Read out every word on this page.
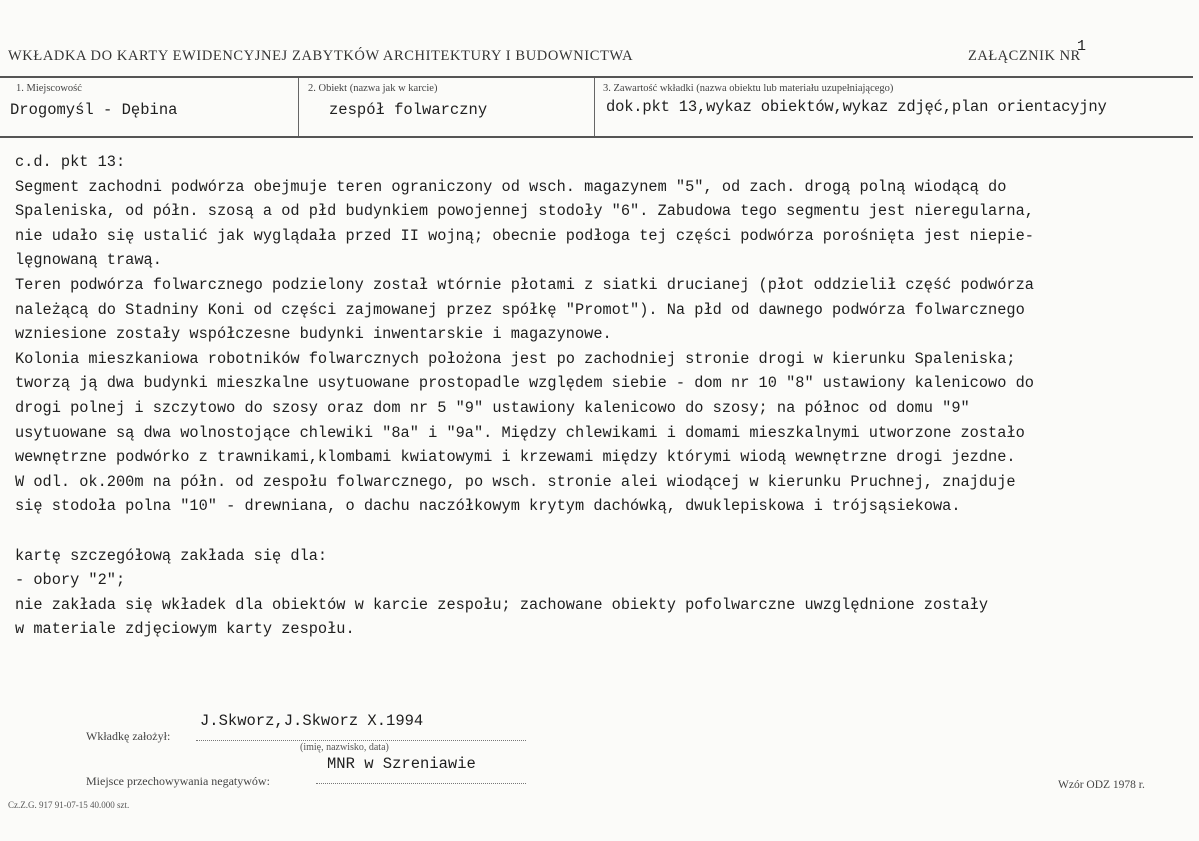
WKŁADKA DO KARTY EWIDENCYJNEJ ZABYTKÓW ARCHITEKTURY I BUDOWNICTWA	ZAŁĄCZNIK NR
1
1. Miejscowość
Drogomyśl - Dębina
2. Obiekt (nazwa jak w karcie)
zespół folwarczny
3. Zawartość wkładki (nazwa obiektu lub materiału uzupełniającego)
dok.pkt 13,wykaz obiektów,wykaz zdjęć,plan orientacyjny
c.d. pkt 13:
Segment zachodni podwórza obejmuje teren ograniczony od wsch. magazynem "5", od zach. drogą polną wiodącą do
Spaleniska, od półn. szosą a od płd budynkiem powojennej stodoły "6". Zabudowa tego segmentu jest nieregularna,
nie udało się ustalić jak wyglądała przed II wojną; obecnie podłoga tej części podwórza porośnięta jest niepie-
lęgnowaną trawą.
Teren podwórza folwarcznego podzielony został wtórnie płotami z siatki drucianej (płot oddzielił część podwórza
należącą do Stadniny Koni od części zajmowanej przez spółkę "Promot"). Na płd od dawnego podwórza folwarcznego
wzniesione zostały współczesne budynki inwentarskie i magazynowe.
Kolonia mieszkaniowa robotników folwarcznych położona jest po zachodniej stronie drogi w kierunku Spaleniska;
tworzą ją dwa budynki mieszkalne usytuowane prostopadle względem siebie - dom nr 10 "8" ustawiony kalenicowo do
drogi polnej i szczytowo do szosy oraz dom nr 5 "9" ustawiony kalenicowo do szosy; na północ od domu "9"
usytuowane są dwa wolnostojące chlewiki "8a" i "9a". Między chlewikami i domami mieszkalnymi utworzone zostało
wewnętrzne podwórko z trawnikami,klombami kwiatowymi i krzewami między którymi wiodą wewnętrzne drogi jezdne.
W odl. ok.200m na półn. od zespołu folwarcznego, po wsch. stronie alei wiodącej w kierunku Pruchnej, znajduje
się stodoła polna "10" - drewniana, o dachu naczółkowym krytym dachówką, dwuklepiskowa i trójsąsiekowa.
kartę szczegółową zakłada się dla:
- obory "2";
nie zakłada się wkładek dla obiektów w karcie zespołu; zachowane obiekty pofolwarczne uwzględnione zostały
w materiale zdjęciowym karty zespołu.
Wkładkę założył:
J.Skworz,J.Skworz X.1994
(imię, nazwisko, data)
Miejsce przechowywania negatywów:
MNR w Szreniawie
Wzór ODZ 1978 r.
Cz.Z.G. 917 91-07-15 40.000 szt.
